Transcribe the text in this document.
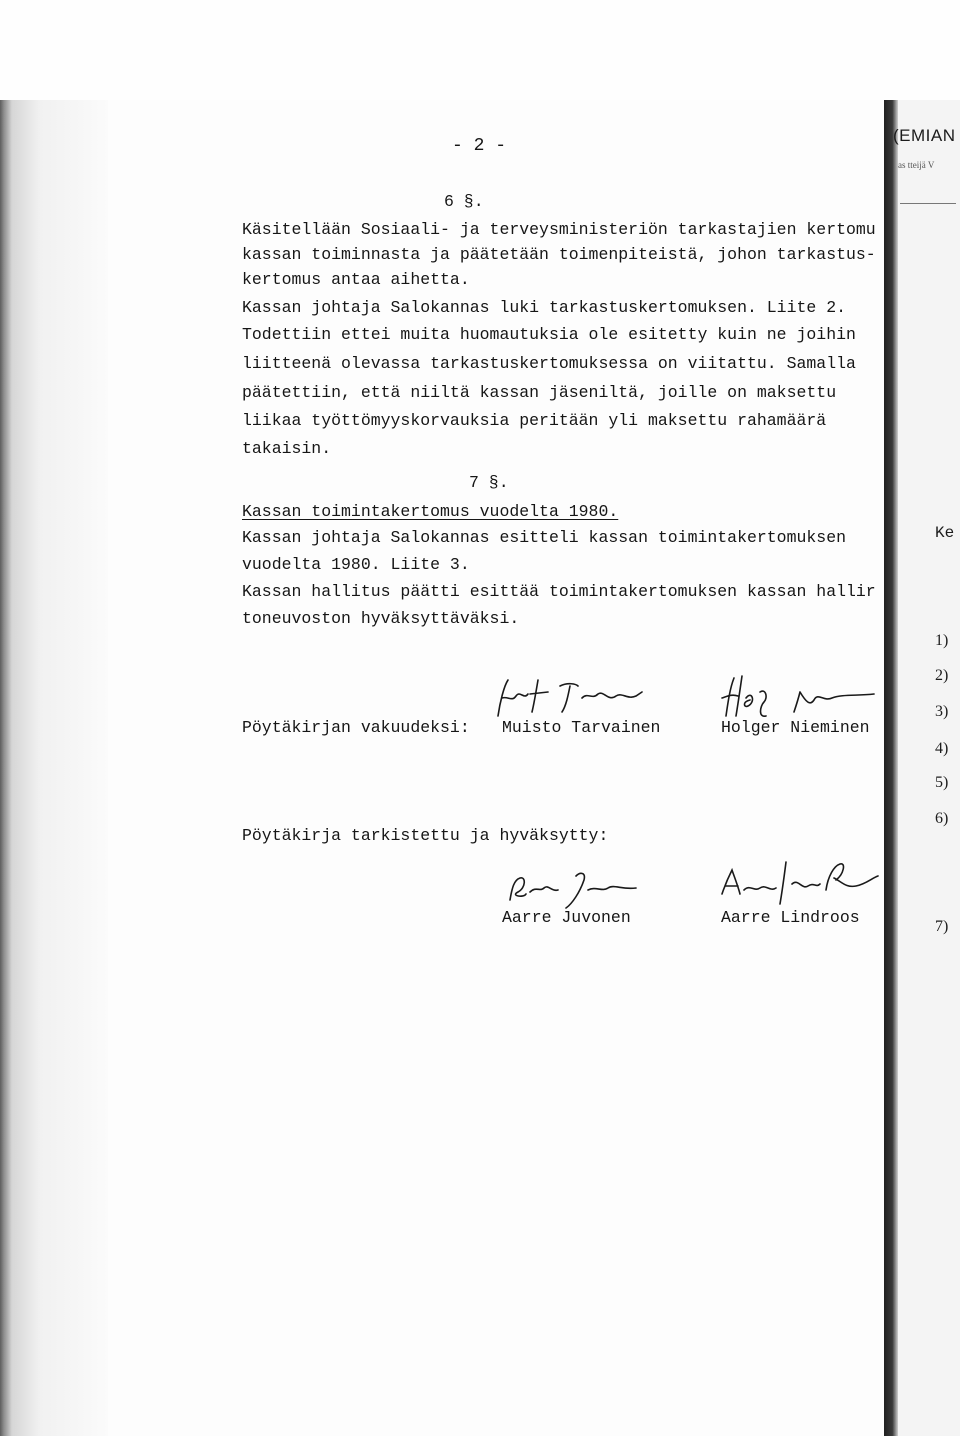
- 2 -
6 §.
Käsitellään Sosiaali- ja terveysministeriön tarkastajien kertomu
kassan toiminnasta ja päätetään toimenpiteistä, johon tarkastus-
kertomus antaa aihetta.
Kassan johtaja Salokannas luki tarkastuskertomuksen. Liite 2.
Todettiin ettei muita huomautuksia ole esitetty kuin ne joihin
liitteenä olevassa tarkastuskertomuksessa on viitattu. Samalla
päätettiin, että niiltä kassan jäseniltä, joille on maksettu
liikaa työttömyyskorvauksia peritään yli maksettu rahamäärä
takaisin.
7 §.
Kassan toimintakertomus vuodelta 1980.
Kassan johtaja Salokannas esitteli kassan toimintakertomuksen
vuodelta 1980. Liite 3.
Kassan hallitus päätti esittää toimintakertomuksen kassan hallir
toneuvoston hyväksyttäväksi.
Pöytäkirjan vakuudeksi: Muisto Tarvainen	Holger Nieminen
Pöytäkirja tarkistettu ja hyväksytty:
Aarre Juvonen	Aarre Lindroos
(EMIAN
as tteijä V
Ke
1)
2)
3)
4)
5)
6)
7)
